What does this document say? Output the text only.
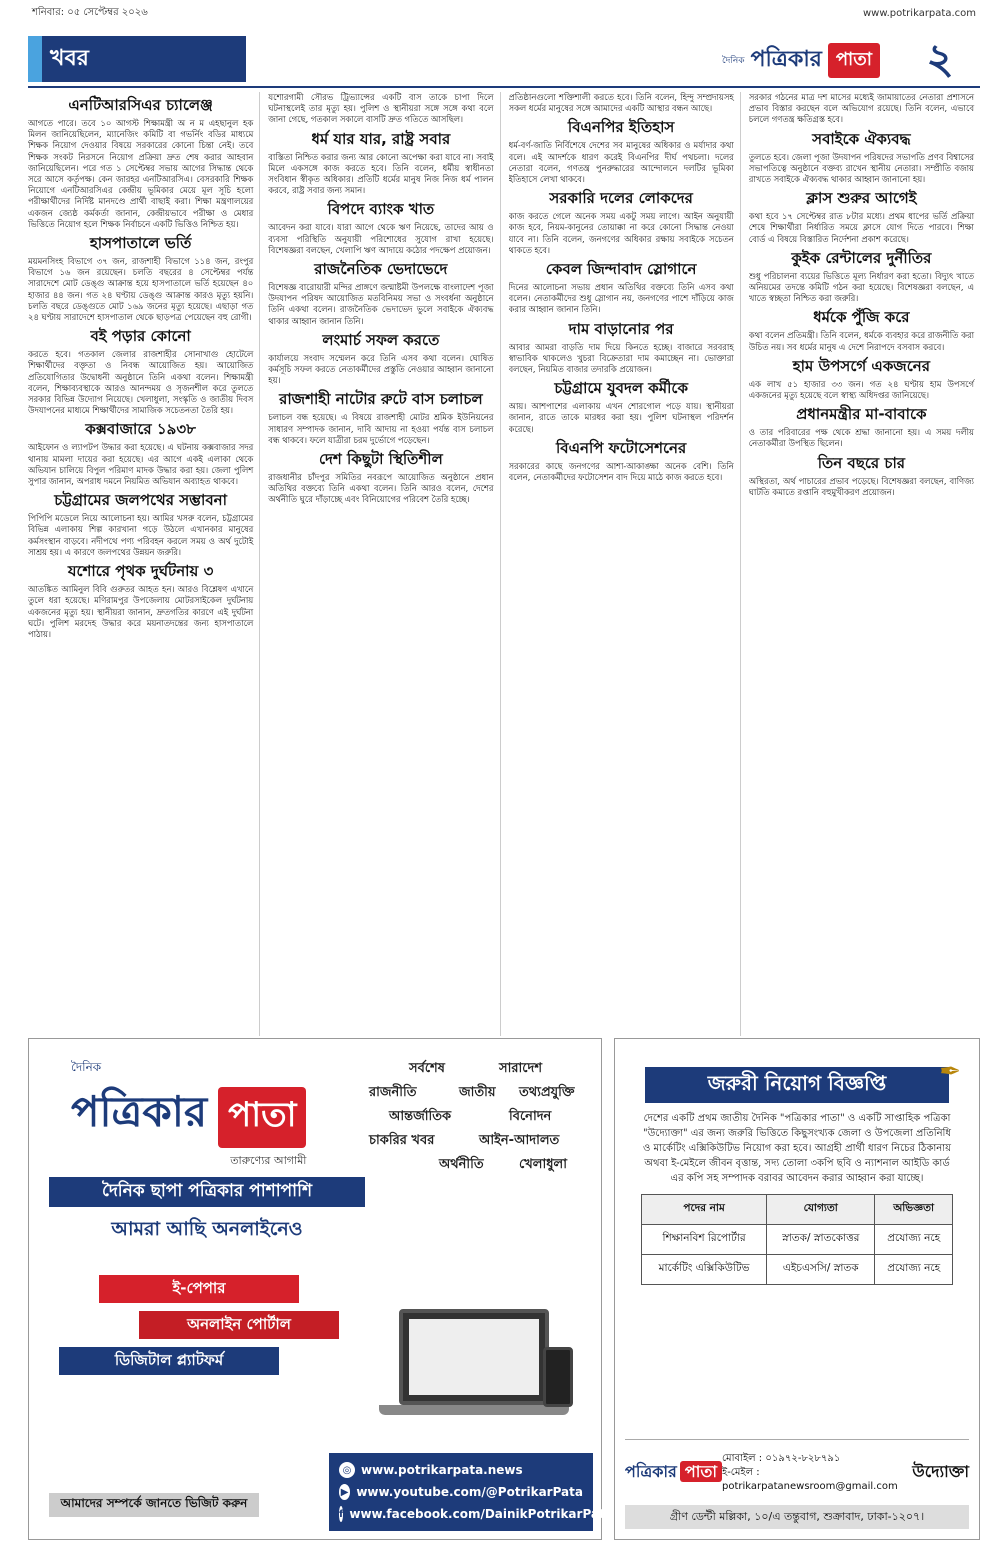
শনিবার: ০৫ সেপ্টেম্বর ২০২৬	www.potrikarpata.com
খবর	দৈনিক পত্রিকার পাতা	২
এনটিআরসিএর চ্যালেঞ্জ

আগতে পারে। তবে ১০ আগস্ট শিক্ষামন্ত্রী অ ন ম এহছানুল হক মিলন জানিয়েছিলেন, ম্যানেজিং কমিটি বা গভর্নিং বডির মাধ্যমে শিক্ষক নিয়োগ দেওয়ার বিষয়ে সরকারের কোনো চিন্তা নেই। তবে শিক্ষক সংকট নিরসনে নিয়োগ প্রক্রিয়া দ্রুত শেষ করার আহবান জানিয়েছিলেন। পরে গত ১ সেপ্টেম্বর সভায় আগের সিদ্ধান্ত থেকে সরে আসে কর্তৃপক্ষ। কেন জারহর এনটিআরসিএ। বেসরকারি শিক্ষক নিয়োগে এনটিআরসিএর কেন্দ্রীয় ভূমিকার মেয়ে মূল সূচি হলো পরীক্ষার্থীদের নির্দিষ্ট মানদণ্ডে প্রার্থী বাছাই করা। শিক্ষা মন্ত্রণালয়ের একজন জ্যেষ্ঠ কর্মকর্তা জানান, কেন্দ্রীয়ভাবে পরীক্ষা ও মেধার ভিত্তিতে নিয়োগ হলে শিক্ষক নির্বাচনে একটি ভিত্তিও নিশ্চিত হয়।

হাসপাতালে ভর্তি

ময়মনসিংহ বিভাগে ৩৭ জন, রাজশাহী বিভাগে ১১৪ জন, রংপুর বিভাগে ১৬ জন রয়েছেন। চলতি বছরের ৪ সেপ্টেম্বর পর্যন্ত সারাদেশে মোট ডেঙ্গু আক্রান্ত হয়ে হাসপাতালে ভর্তি হয়েছেন ৪০ হাজার ৪৪ জন। গত ২৪ ঘণ্টায় ডেঙ্গু আক্রান্ত কারও মৃত্যু হয়নি। চলতি বছরে ডেঙ্গুতে মোট ১৬৯ জনের মৃত্যু হয়েছে। এছাড়া গত ২৪ ঘণ্টায় সারাদেশে হাসপাতাল থেকে ছাড়পত্র পেয়েছেন বহু রোগী।

বই পড়ার কোনো

করতে হবে। গতকাল জেলার রাজশাহীর সোনাখাগু হোটেলে শিক্ষার্থীদের বক্তৃতা ও নিবন্ধ আয়োজিত হয়। আয়োজিত প্রতিযোগিতার উদ্বোধনী অনুষ্ঠানে তিনি একথা বলেন। শিক্ষামন্ত্রী বলেন, শিক্ষাব্যবস্থাকে আরও আনন্দময় ও সৃজনশীল করে তুলতে সরকার বিভিন্ন উদ্যোগ নিয়েছে। খেলাধুলা, সংস্কৃতি ও জাতীয় দিবস উদযাপনের মাধ্যমে শিক্ষার্থীদের সামাজিক সচেতনতা তৈরি হয়।

কক্সবাজারে ১৯৩৮

আইফোন ও ল্যাপটপ উদ্ধার করা হয়েছে। এ ঘটনায় কক্সবাজার সদর থানায় মামলা দায়ের করা হয়েছে। এর আগে একই এলাকা থেকে অভিযান চালিয়ে বিপুল পরিমাণ মাদক উদ্ধার করা হয়। জেলা পুলিশ সুপার জানান, অপরাধ দমনে নিয়মিত অভিযান অব্যাহত থাকবে।

চট্টগ্রামের জলপথের সম্ভাবনা

পিপিপি মডেলে নিয়ে আলোচনা হয়। আমির খসরু বলেন, চট্টগ্রামের বিভিন্ন এলাকায় শিল্প কারখানা গড়ে উঠলে এখানকার মানুষের কর্মসংস্থান বাড়বে। নদীপথে পণ্য পরিবহন করলে সময় ও অর্থ দুটোই সাশ্রয় হয়। এ কারণে জলপথের উন্নয়ন জরুরি।

যশোরে পৃথক দুর্ঘটনায় ৩

আতঙ্কিত আমিনুল বিবি গুরুতর আহত হন। আরও বিশ্লেষণ এখানে তুলে ধরা হয়েছে। মণিরামপুর উপজেলায় মোটরসাইকেল দুর্ঘটনায় একজনের মৃত্যু হয়। স্থানীয়রা জানান, দ্রুতগতির কারণে এই দুর্ঘটনা ঘটে। পুলিশ মরদেহ উদ্ধার করে ময়নাতদন্তের জন্য হাসপাতালে পাঠায়।

যশোরগামী সৌরভ ট্রিভ্যান্সের একটি বাস তাকে চাপা দিলে ঘটনাস্থলেই তার মৃত্যু হয়। পুলিশ ও স্থানীয়রা সঙ্গে সঙ্গে কথা বলে জানা গেছে, গতকাল সকালে বাসটি দ্রুত গতিতে আসছিল।

ধর্ম যার যার, রাষ্ট্র সবার

বাস্তিতা নিশ্চিত করার জন্য আর কোনো অপেক্ষা করা যাবে না। সবাই মিলে একসঙ্গে কাজ করতে হবে। তিনি বলেন, ধর্মীয় স্বাধীনতা সংবিধান স্বীকৃত অধিকার। প্রতিটি ধর্মের মানুষ নিজ নিজ ধর্ম পালন করবে, রাষ্ট্র সবার জন্য সমান।

বিপদে ব্যাংক খাত

আবেদন করা যাবে। যারা আগে থেকে ঋণ নিয়েছে, তাদের আয় ও ব্যবসা পরিস্থিতি অনুযায়ী পরিশোধের সুযোগ রাখা হয়েছে। বিশেষজ্ঞরা বলছেন, খেলাপি ঋণ আদায়ে কঠোর পদক্ষেপ প্রয়োজন।

রাজনৈতিক ভেদাভেদে

বিশেষজ্ঞ বারোয়ারী মন্দির প্রাঙ্গণে জন্মাষ্টমী উপলক্ষে বাংলাদেশ পূজা উদযাপন পরিষদ আয়োজিত মতবিনিময় সভা ও সংবর্ধনা অনুষ্ঠানে তিনি একথা বলেন। রাজনৈতিক ভেদাভেদ ভুলে সবাইকে ঐক্যবদ্ধ থাকার আহ্বান জানান তিনি।

লংমার্চ সফল করতে

কার্যালয়ে সংবাদ সম্মেলন করে তিনি এসব কথা বলেন। ঘোষিত কর্মসূচি সফল করতে নেতাকর্মীদের প্রস্তুতি নেওয়ার আহ্বান জানানো হয়।

রাজশাহী নাটোর রুটে বাস চলাচল

চলাচল বন্ধ হয়েছে। এ বিষয়ে রাজশাহী মোটর শ্রমিক ইউনিয়নের সাধারণ সম্পাদক জানান, দাবি আদায় না হওয়া পর্যন্ত বাস চলাচল বন্ধ থাকবে। ফলে যাত্রীরা চরম দুর্ভোগে পড়েছেন।

দেশ কিছুটা স্থিতিশীল

রাজধানীর চাঁদপুর সমিতির নবরূপে আয়োজিত অনুষ্ঠানে প্রধান অতিথির বক্তব্যে তিনি একথা বলেন। তিনি আরও বলেন, দেশের অর্থনীতি ঘুরে দাঁড়াচ্ছে এবং বিনিয়োগের পরিবেশ তৈরি হচ্ছে।

প্রতিষ্ঠানগুলো শক্তিশালী করতে হবে। তিনি বলেন, হিন্দু সম্প্রদায়সহ সকল ধর্মের মানুষের সঙ্গে আমাদের একটি আস্থার বন্ধন আছে।

বিএনপির ইতিহাস

ধর্ম-বর্ণ-জাতি নির্বিশেষে দেশের সব মানুষের অধিকার ও মর্যাদার কথা বলে। এই আদর্শকে ধারণ করেই বিএনপির দীর্ঘ পথচলা। দলের নেতারা বলেন, গণতন্ত্র পুনরুদ্ধারের আন্দোলনে দলটির ভূমিকা ইতিহাসে লেখা থাকবে।

সরকারি দলের লোকদের

কাজ করতে গেলে অনেক সময় একটু সময় লাগে। আইন অনুযায়ী কাজ হবে, নিয়ম-কানুনের তোয়াক্কা না করে কোনো সিদ্ধান্ত নেওয়া যাবে না। তিনি বলেন, জনগণের অধিকার রক্ষায় সবাইকে সচেতন থাকতে হবে।

কেবল জিন্দাবাদ স্লোগানে

দিনের আলোচনা সভায় প্রধান অতিথির বক্তব্যে তিনি এসব কথা বলেন। নেতাকর্মীদের শুধু স্লোগান নয়, জনগণের পাশে দাঁড়িয়ে কাজ করার আহ্বান জানান তিনি।

দাম বাড়ানোর পর

আবার আমরা বাড়তি দাম দিয়ে কিনতে হচ্ছে। বাজারে সরবরাহ স্বাভাবিক থাকলেও খুচরা বিক্রেতারা দাম কমাচ্ছেন না। ভোক্তারা বলছেন, নিয়মিত বাজার তদারকি প্রয়োজন।

চট্টগ্রামে যুবদল কর্মীকে

আয়। আশপাশের এলাকায় এখন শোরগোল পড়ে যায়। স্থানীয়রা জানান, রাতে তাকে মারধর করা হয়। পুলিশ ঘটনাস্থল পরিদর্শন করেছে।

বিএনপি ফটোসেশনের

সরকারের কাছে জনগণের আশা-আকাঙ্ক্ষা অনেক বেশি। তিনি বলেন, নেতাকর্মীদের ফটোসেশন বাদ দিয়ে মাঠে কাজ করতে হবে।

সরকার গঠনের মাত্র দশ মাসের মধ্যেই জামায়াতের নেতারা প্রশাসনে প্রভাব বিস্তার করছেন বলে অভিযোগ রয়েছে। তিনি বলেন, এভাবে চললে গণতন্ত্র ক্ষতিগ্রস্ত হবে।

সবাইকে ঐক্যবদ্ধ

তুলতে হবে। জেলা পূজা উদযাপন পরিষদের সভাপতি প্রণব বিশ্বাসের সভাপতিত্বে অনুষ্ঠানে বক্তব্য রাখেন স্থানীয় নেতারা। সম্প্রীতি বজায় রাখতে সবাইকে ঐক্যবদ্ধ থাকার আহ্বান জানানো হয়।

ক্লাস শুরুর আগেই

কথা হবে ১৭ সেপ্টেম্বর রাত ৮টার মধ্যে। প্রথম ধাপের ভর্তি প্রক্রিয়া শেষে শিক্ষার্থীরা নির্ধারিত সময়ে ক্লাসে যোগ দিতে পারবে। শিক্ষা বোর্ড এ বিষয়ে বিস্তারিত নির্দেশনা প্রকাশ করেছে।

কুইক রেন্টালের দুর্নীতির

শুধু পরিচালনা ব্যয়ের ভিত্তিতে মূল্য নির্ধারণ করা হতো। বিদ্যুৎ খাতে অনিয়মের তদন্তে কমিটি গঠন করা হয়েছে। বিশেষজ্ঞরা বলছেন, এ খাতে স্বচ্ছতা নিশ্চিত করা জরুরি।

ধর্মকে পুঁজি করে

কথা বলেন প্রতিমন্ত্রী। তিনি বলেন, ধর্মকে ব্যবহার করে রাজনীতি করা উচিত নয়। সব ধর্মের মানুষ এ দেশে নিরাপদে বসবাস করবে।

হাম উপসর্গে একজনের

এক লাখ ৫১ হাজার ৩৩ জন। গত ২৪ ঘণ্টায় হাম উপসর্গে একজনের মৃত্যু হয়েছে বলে স্বাস্থ্য অধিদপ্তর জানিয়েছে।

প্রধানমন্ত্রীর মা-বাবাকে

ও তার পরিবারের পক্ষ থেকে শ্রদ্ধা জানানো হয়। এ সময় দলীয় নেতাকর্মীরা উপস্থিত ছিলেন।

তিন বছরে চার

অস্থিরতা, অর্থ পাচারের প্রভাব পড়েছে। বিশেষজ্ঞরা বলছেন, বাণিজ্য ঘাটতি কমাতে রপ্তানি বহুমুখীকরণ প্রয়োজন।

দৈনিক
পত্রিকার পাতা
তারুণ্যের আগামী
সর্বশেষ	সারাদেশ
রাজনীতি	জাতীয় তথ্যপ্রযুক্তি
আন্তর্জাতিক	বিনোদন
চাকরির খবর	আইন-আদালত
অর্থনীতি	খেলাধুলা
দৈনিক ছাপা পত্রিকার পাশাপাশি
আমরা আছি অনলাইনেও
ই-পেপার
অনলাইন পোর্টাল
ডিজিটাল প্ল্যাটফর্ম
আমাদের সম্পর্কে জানতে ভিজিট করুন
◎ www.potrikarpata.news
▶ www.youtube.com/@PotrikarPata
f www.facebook.com/DainikPotrikarPata
✒
জরুরী নিয়োগ বিজ্ঞপ্তি
দেশের একটি প্রথম জাতীয় দৈনিক "পত্রিকার পাতা" ও একটি সাপ্তাহিক পত্রিকা "উদ্যোক্তা" এর জন্য জরুরি ভিত্তিতে কিছুসংখ্যক জেলা ও উপজেলা প্রতিনিধি ও মার্কেটিং এক্সিকিউটিভ নিয়োগ করা হবে। আগ্রহী প্রার্থী ধারণ নিচের ঠিকানায় অথবা ই-মেইলে জীবন বৃত্তান্ত, সদ্য তোলা ৩কপি ছবি ও ন্যাশনাল আইডি কার্ড এর কপি সহ সম্পাদক বরাবর আবেদন করার আহ্বান করা যাচ্ছে।
পদের নাম	যোগ্যতা	অভিজ্ঞতা
শিক্ষানবিশ রিপোর্টার	স্নাতক/ স্নাতকোত্তর	প্রযোজ্য নহে
মার্কেটিং এক্সিকিউটিভ	এইচএসসি/ স্নাতক	প্রযোজ্য নহে
পত্রিকার পাতা
মোবাইল : ০১৯৭২-৮২৮৭৯১
ই-মেইল : potrikarpatanewsroom@gmail.com
উদ্যোক্তা
গ্রীণ ডেন্টী মল্লিকা, ১০/এ তন্তুবাগ, শুক্রাবাদ, ঢাকা-১২০৭।
